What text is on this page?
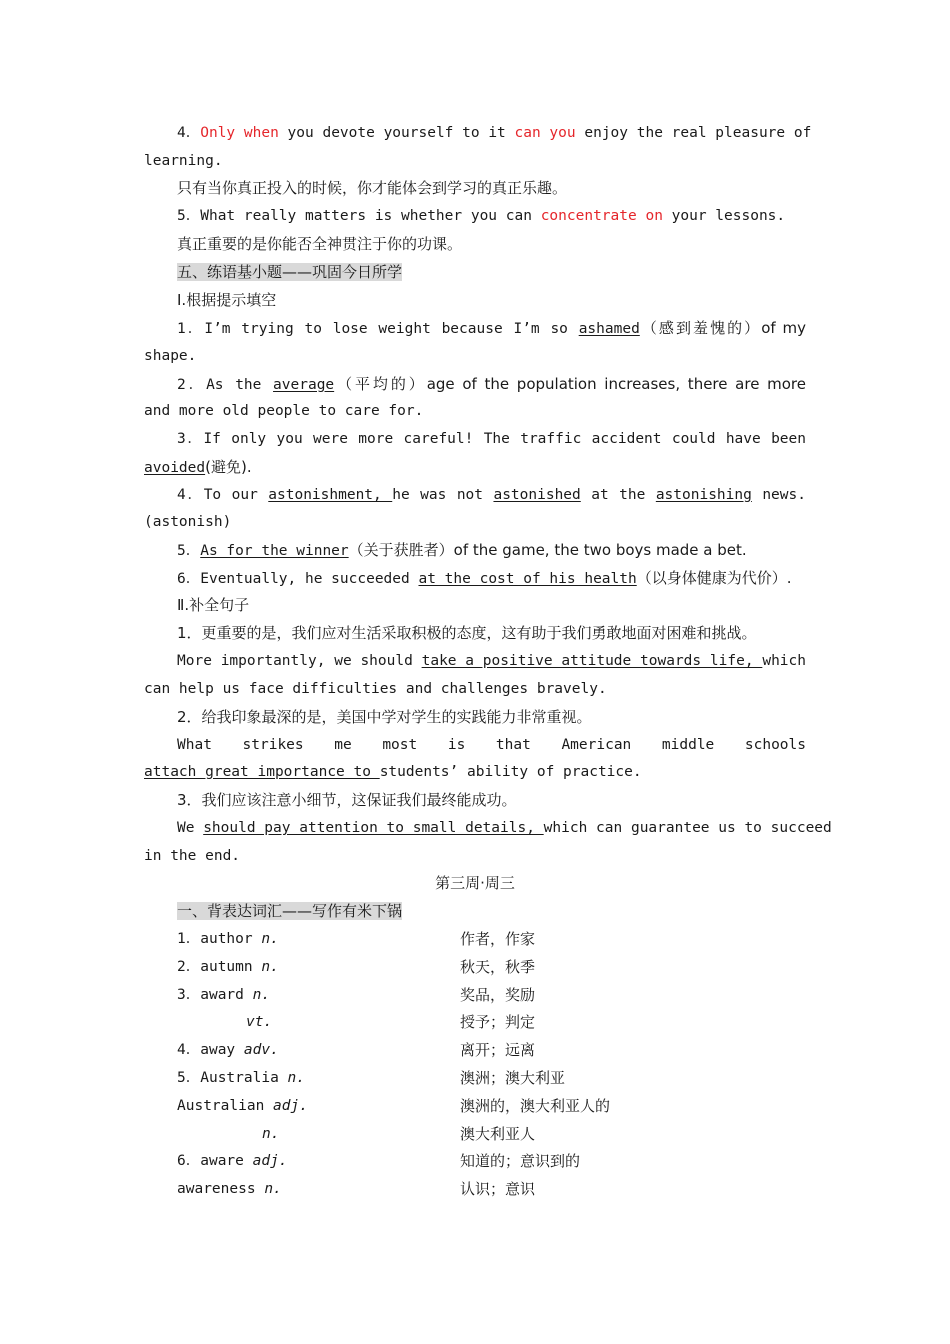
4．Only when you devote yourself to it can you enjoy the real pleasure of
learning.
只有当你真正投入的时候，你才能体会到学习的真正乐趣。
5．What really matters is whether you can concentrate on your lessons.
真正重要的是你能否全神贯注于你的功课。
五、练语基小题——巩固今日所学
Ⅰ.根据提示填空
1．I’m trying to lose weight because I’m so ashamed（感到羞愧的）of my
shape.
2．As the average（平均的）age of the population increases, there are more
and more old people to care for.
3．If only you were more careful! The traffic accident could have been
avoided(避免).
4．To our astonishment, he was not astonished at the astonishing news.
(astonish)
5．As for the winner（关于获胜者）of the game, the two boys made a bet.
6．Eventually, he succeeded at the cost of his health（以身体健康为代价）.
Ⅱ.补全句子
1．更重要的是，我们应对生活采取积极的态度，这有助于我们勇敢地面对困难和挑战。
More importantly, we should take a positive attitude towards life, which
can help us face difficulties and challenges bravely.
2．给我印象最深的是，美国中学对学生的实践能力非常重视。
What strikes me most is that American middle schools
attach great importance to students’ ability of practice.
3．我们应该注意小细节，这保证我们最终能成功。
We should pay attention to small details, which can guarantee us to succeed
in the end.
第三周·周三
一、背表达词汇——写作有米下锅
1．author n.	作者，作家
2．autumn n.	秋天，秋季
3．award n.	奖品，奖励
vt.	授予；判定
4．away adv.	离开；远离
5．Australia n.	澳洲；澳大利亚
Australian adj.	澳洲的，澳大利亚人的
n.	澳大利亚人
6．aware adj.	知道的；意识到的
awareness n.	认识；意识
